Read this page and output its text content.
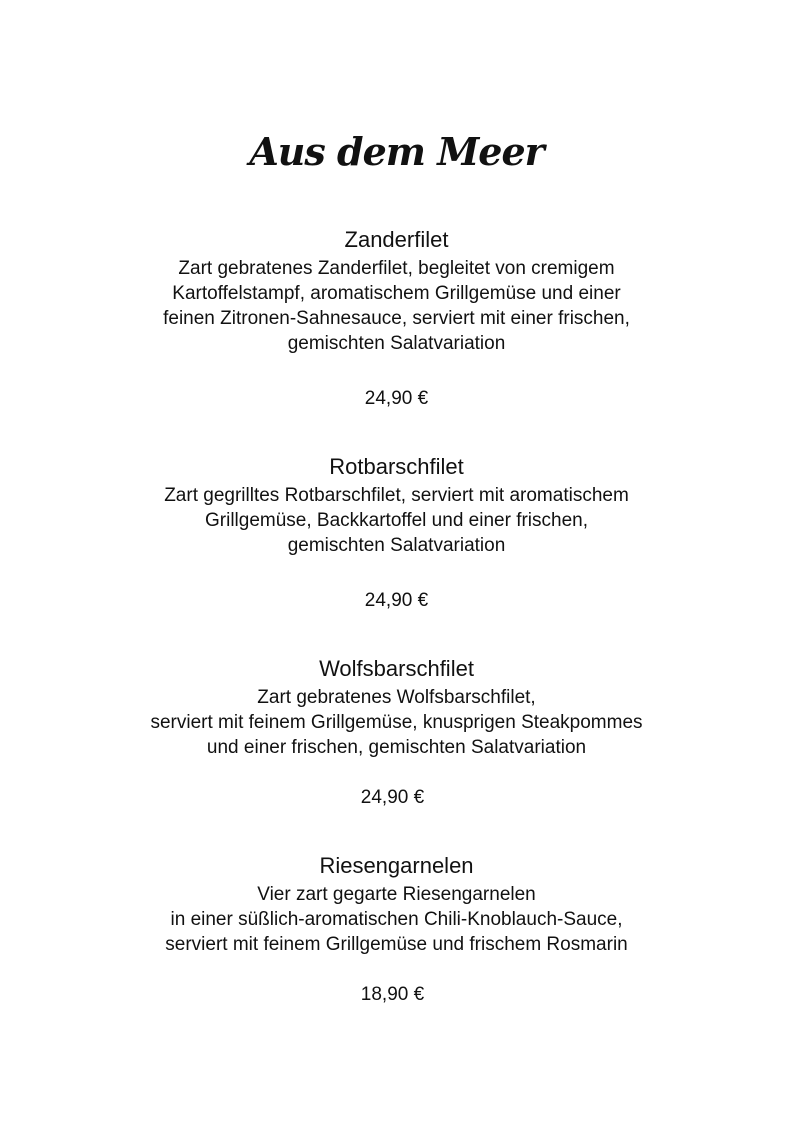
Aus dem Meer
Zanderfilet
Zart gebratenes Zanderfilet, begleitet von cremigem
Kartoffelstampf, aromatischem Grillgemüse und einer
feinen Zitronen-Sahnesauce, serviert mit einer frischen,
gemischten Salatvariation
24,90 €
Rotbarschfilet
Zart gegrilltes Rotbarschfilet, serviert mit aromatischem
Grillgemüse, Backkartoffel und einer frischen,
gemischten Salatvariation
24,90 €
Wolfsbarschfilet
Zart gebratenes Wolfsbarschfilet,
serviert mit feinem Grillgemüse, knusprigen Steakpommes
und einer frischen, gemischten Salatvariation
24,90 €
Riesengarnelen
Vier zart gegarte Riesengarnelen
in einer süßlich-aromatischen Chili-Knoblauch-Sauce,
serviert mit feinem Grillgemüse und frischem Rosmarin
18,90 €
